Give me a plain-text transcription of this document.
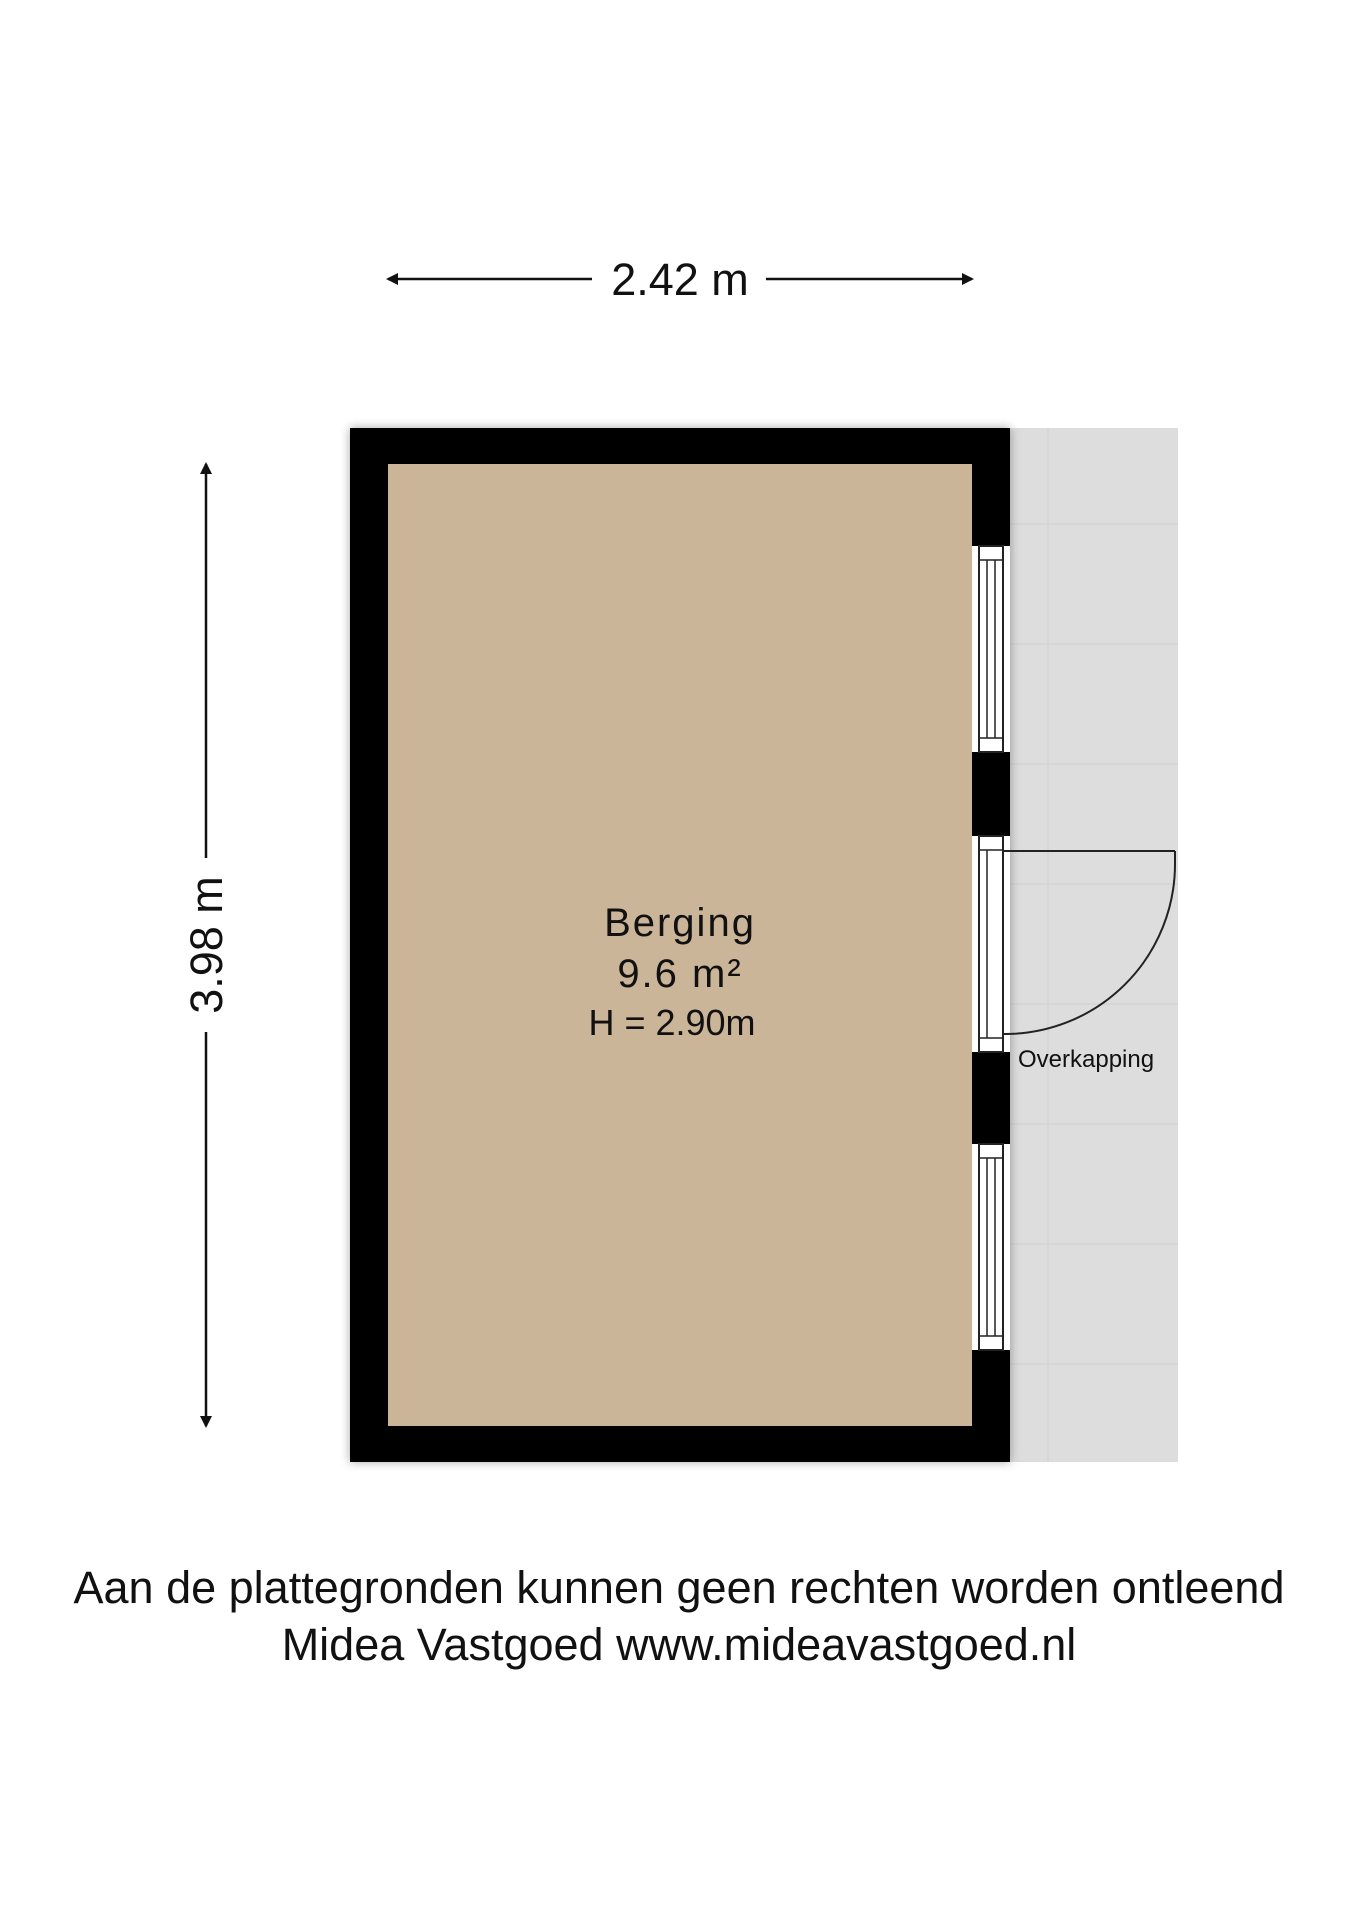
2.42 m
3.98 m	Berging
9.6 m²
H = 2.90m
Overkapping
Aan de plattegronden kunnen geen rechten worden ontleend
Midea Vastgoed www.mideavastgoed.nl
